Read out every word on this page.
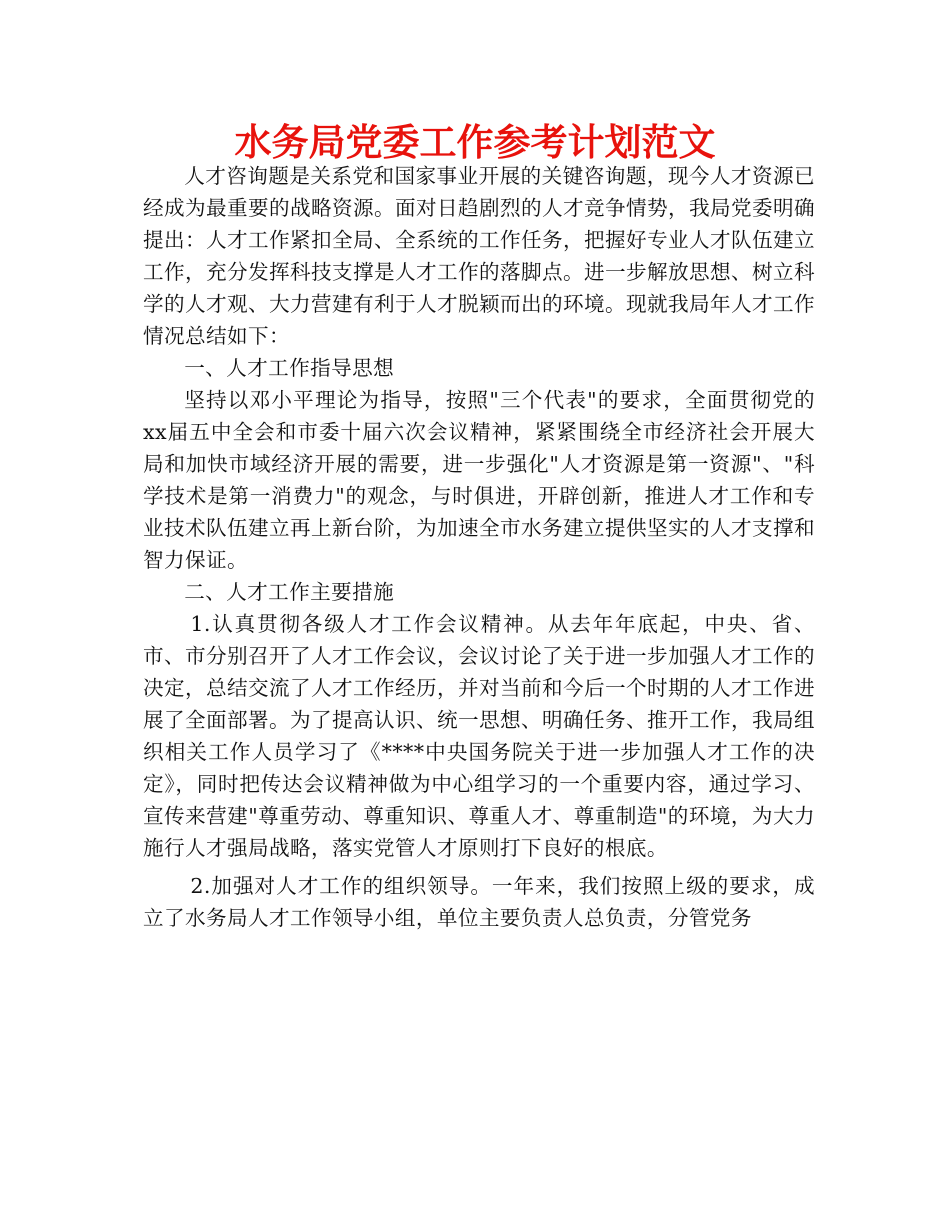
水务局党委工作参考计划范文

人才咨询题是关系党和国家事业开展的关键咨询题，现今人才资源已经成为最重要的战略资源。面对日趋剧烈的人才竞争情势，我局党委明确提出：人才工作紧扣全局、全系统的工作任务，把握好专业人才队伍建立工作，充分发挥科技支撑是人才工作的落脚点。进一步解放思想、树立科学的人才观、大力营建有利于人才脱颖而出的环境。现就我局年人才工作情况总结如下：

一、人才工作指导思想

坚持以邓小平理论为指导，按照"三个代表"的要求，全面贯彻党的xx届五中全会和市委十届六次会议精神，紧紧围绕全市经济社会开展大局和加快市域经济开展的需要，进一步强化"人才资源是第一资源"、"科学技术是第一消费力"的观念，与时俱进，开辟创新，推进人才工作和专业技术队伍建立再上新台阶，为加速全市水务建立提供坚实的人才支撑和智力保证。

二、人才工作主要措施

1.认真贯彻各级人才工作会议精神。从去年年底起，中央、省、市、市分别召开了人才工作会议，会议讨论了关于进一步加强人才工作的决定，总结交流了人才工作经历，并对当前和今后一个时期的人才工作进展了全面部署。为了提高认识、统一思想、明确任务、推开工作，我局组织相关工作人员学习了《****中央国务院关于进一步加强人才工作的决定》，同时把传达会议精神做为中心组学习的一个重要内容，通过学习、宣传来营建"尊重劳动、尊重知识、尊重人才、尊重制造"的环境，为大力施行人才强局战略，落实党管人才原则打下良好的根底。

2.加强对人才工作的组织领导。一年来，我们按照上级的要求，成立了水务局人才工作领导小组，单位主要负责人总负责，分管党务
